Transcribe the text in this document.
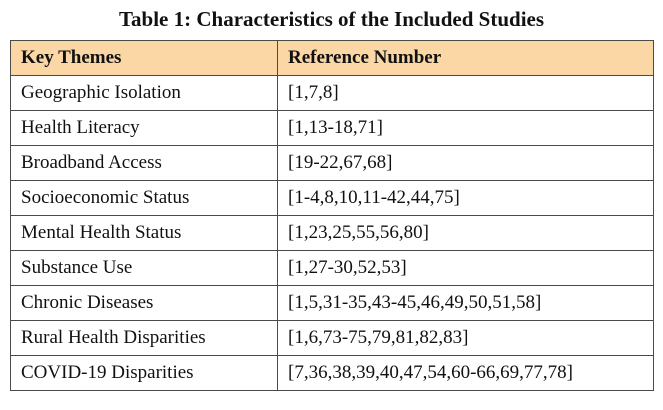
Table 1: Characteristics of the Included Studies

Key Themes	Reference Number
Geographic Isolation	[1,7,8]
Health Literacy	[1,13-18,71]
Broadband Access	[19-22,67,68]
Socioeconomic Status	[1-4,8,10,11-42,44,75]
Mental Health Status	[1,23,25,55,56,80]
Substance Use	[1,27-30,52,53]
Chronic Diseases	[1,5,31-35,43-45,46,49,50,51,58]
Rural Health Disparities	[1,6,73-75,79,81,82,83]
COVID-19 Disparities	[7,36,38,39,40,47,54,60-66,69,77,78]
